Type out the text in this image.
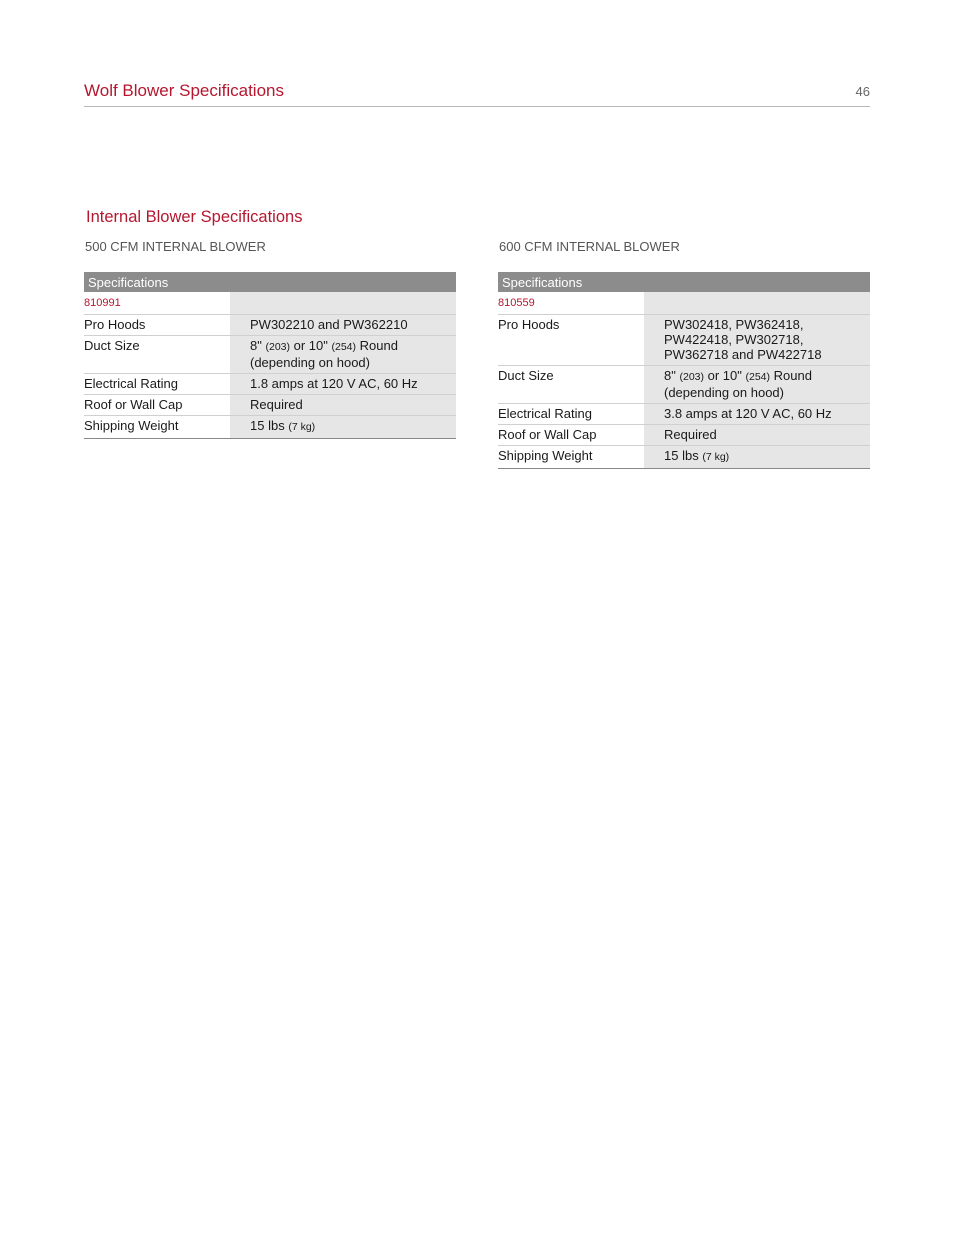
Wolf Blower Specifications	46
Internal Blower Specifications
500 CFM INTERNAL BLOWER
Specifications	
810991	
Pro Hoods	PW302210 and PW362210
Duct Size	8" (203) or 10" (254) Round
(depending on hood)
Electrical Rating	1.8 amps at 120 V AC, 60 Hz
Roof or Wall Cap	Required
Shipping Weight	15 lbs (7 kg)
600 CFM INTERNAL BLOWER
Specifications	
810559	
Pro Hoods	PW302418, PW362418,
PW422418, PW302718,
PW362718 and PW422718
Duct Size	8" (203) or 10" (254) Round
(depending on hood)
Electrical Rating	3.8 amps at 120 V AC, 60 Hz
Roof or Wall Cap	Required
Shipping Weight	15 lbs (7 kg)
